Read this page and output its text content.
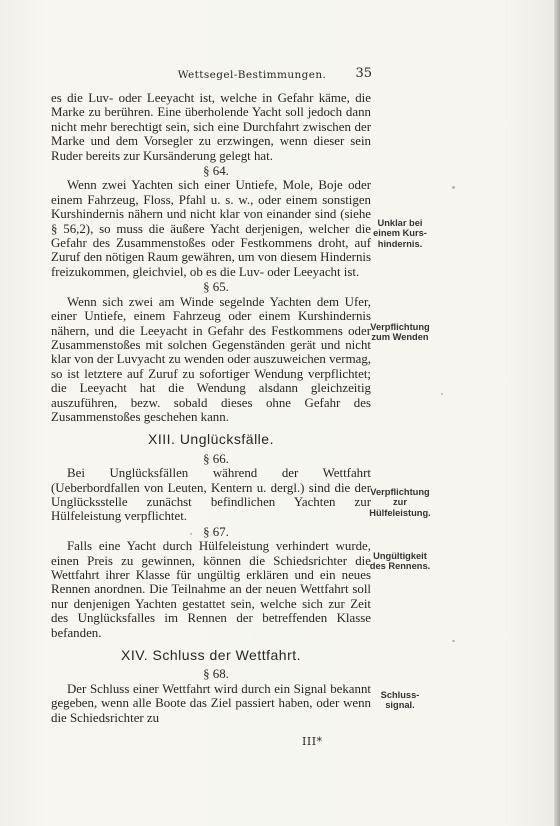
Wettsegel-Bestimmungen.	35

es die Luv- oder Leeyacht ist, welche in Gefahr käme, die Marke zu berühren. Eine überholende Yacht soll jedoch dann nicht mehr berechtigt sein, sich eine Durchfahrt zwischen der Marke und dem Vorsegler zu erzwingen, wenn dieser sein Ruder bereits zur Kursänderung gelegt hat.

§ 64.

Wenn zwei Yachten sich einer Untiefe, Mole, Boje oder einem Fahrzeug, Floss, Pfahl u. s. w., oder einem sonstigen Kurshindernis nähern und nicht klar von einander sind (siehe § 56,2), so muss die äußere Yacht derjenigen, welcher die Gefahr des Zusammenstoßes oder Festkommens droht, auf Zuruf den nötigen Raum gewähren, um von diesem Hindernis freizukommen, gleichviel, ob es die Luv- oder Leeyacht ist.

§ 65.

Wenn sich zwei am Winde segelnde Yachten dem Ufer, einer Untiefe, einem Fahrzeug oder einem Kurshindernis nähern, und die Leeyacht in Gefahr des Festkommens oder Zusammenstoßes mit solchen Gegenständen gerät und nicht klar von der Luvyacht zu wenden oder auszuweichen vermag, so ist letztere auf Zuruf zu sofortiger Wendung verpflichtet; die Leeyacht hat die Wendung alsdann gleichzeitig auszuführen, bezw. sobald dieses ohne Gefahr des Zusammenstoßes geschehen kann.

XIII. Unglücksfälle.
§ 66.

Bei Unglücksfällen während der Wettfahrt (Ueberbordfallen von Leuten, Kentern u. dergl.) sind die der Unglücksstelle zunächst befindlichen Yachten zur Hülfeleistung verpflichtet.

§ 67.

Falls eine Yacht durch Hülfeleistung verhindert wurde, einen Preis zu gewinnen, können die Schiedsrichter die Wettfahrt ihrer Klasse für ungültig erklären und ein neues Rennen anordnen. Die Teilnahme an der neuen Wettfahrt soll nur denjenigen Yachten gestattet sein, welche sich zur Zeit des Unglücksfalles im Rennen der betreffenden Klasse befanden.

XIV. Schluss der Wettfahrt.
§ 68.

Der Schluss einer Wettfahrt wird durch ein Signal bekannt gegeben, wenn alle Boote das Ziel passiert haben, oder wenn die Schiedsrichter zu

Unklar bei einem Kurs-hindernis.
Verpflichtung zum Wenden
Verpflichtung zur Hülfeleistung.
Ungültigkeit des Rennens.
Schluss-signal.
III*
